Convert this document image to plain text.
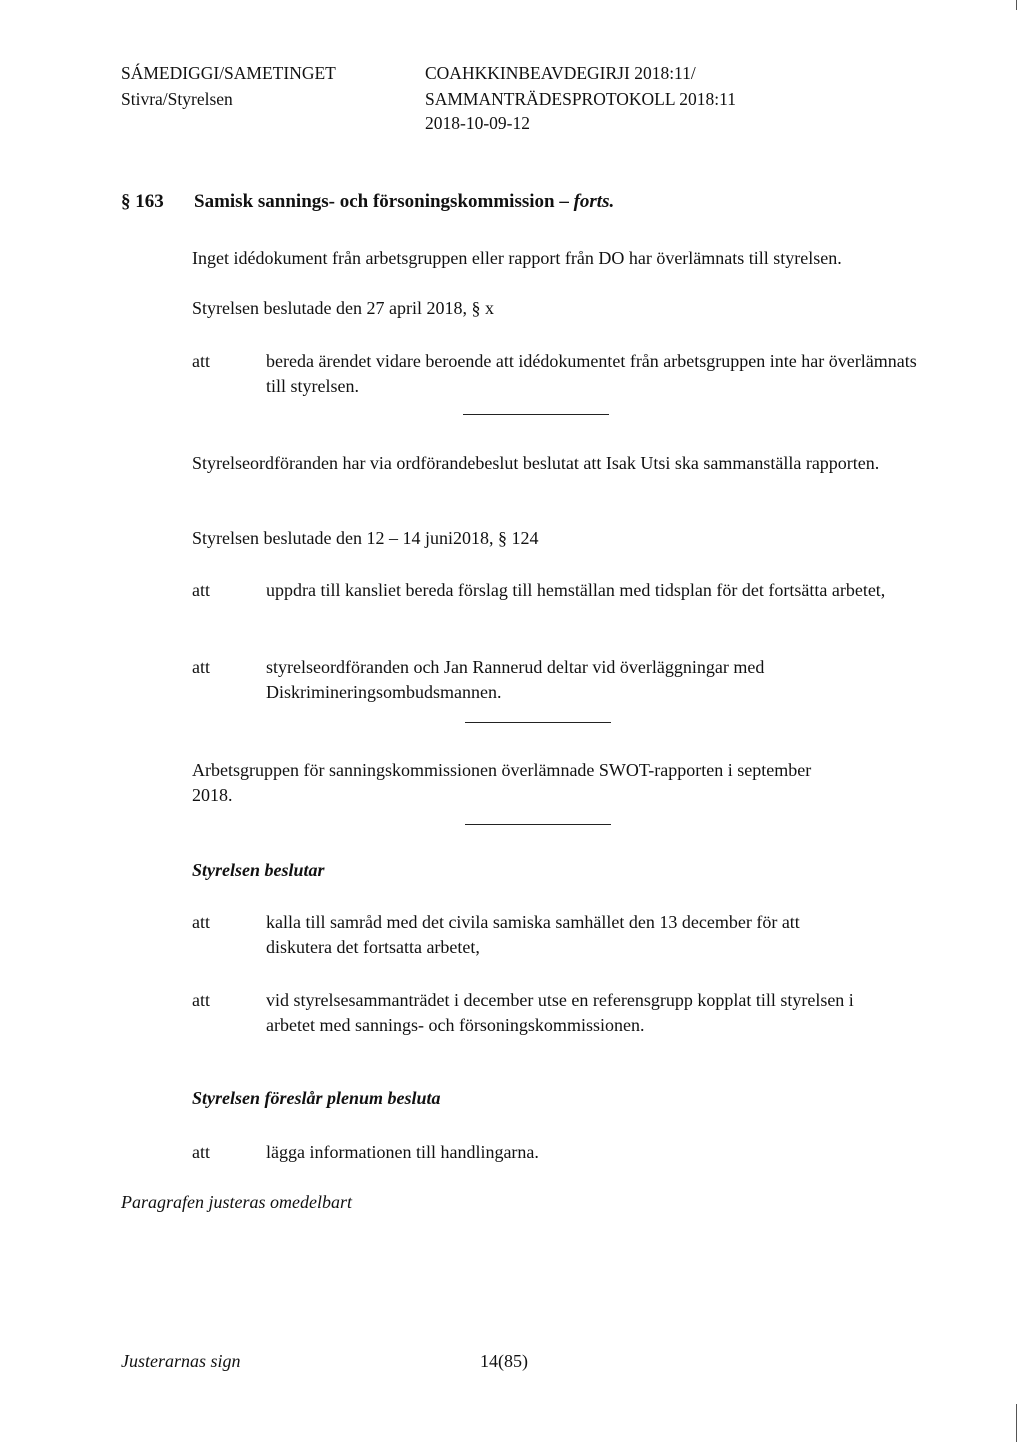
SÁMEDIGGI/SAMETINGET
Stivra/Styrelsen
COAHKKINBEAVDEGIRJI 2018:11/
SAMMANTRÄDESPROTOKOLL 2018:11
2018-10-09-12
§ 163 Samisk sannings- och försoningskommission – forts.
Inget idédokument från arbetsgruppen eller rapport från DO har överlämnats till styrelsen.
Styrelsen beslutade den 27 april 2018, § x
att	bereda ärendet vidare beroende att idédokumentet från arbetsgruppen inte har överlämnats till styrelsen.
Styrelseordföranden har via ordförandebeslut beslutat att Isak Utsi ska sammanställa rapporten.
Styrelsen beslutade den 12 – 14 juni2018, § 124
att	uppdra till kansliet bereda förslag till hemställan med tidsplan för det fortsätta arbetet,
att	styrelseordföranden och Jan Rannerud deltar vid överläggningar med Diskrimineringsombudsmannen.
Arbetsgruppen för sanningskommissionen överlämnade SWOT-rapporten i september 2018.
Styrelsen beslutar
att	kalla till samråd med det civila samiska samhället den 13 december för att diskutera det fortsatta arbetet,
att	vid styrelsesammanträdet i december utse en referensgrupp kopplat till styrelsen i arbetet med sannings- och försoningskommissionen.
Styrelsen föreslår plenum besluta
att	lägga informationen till handlingarna.
Paragrafen justeras omedelbart
Justerarnas sign	14(85)
